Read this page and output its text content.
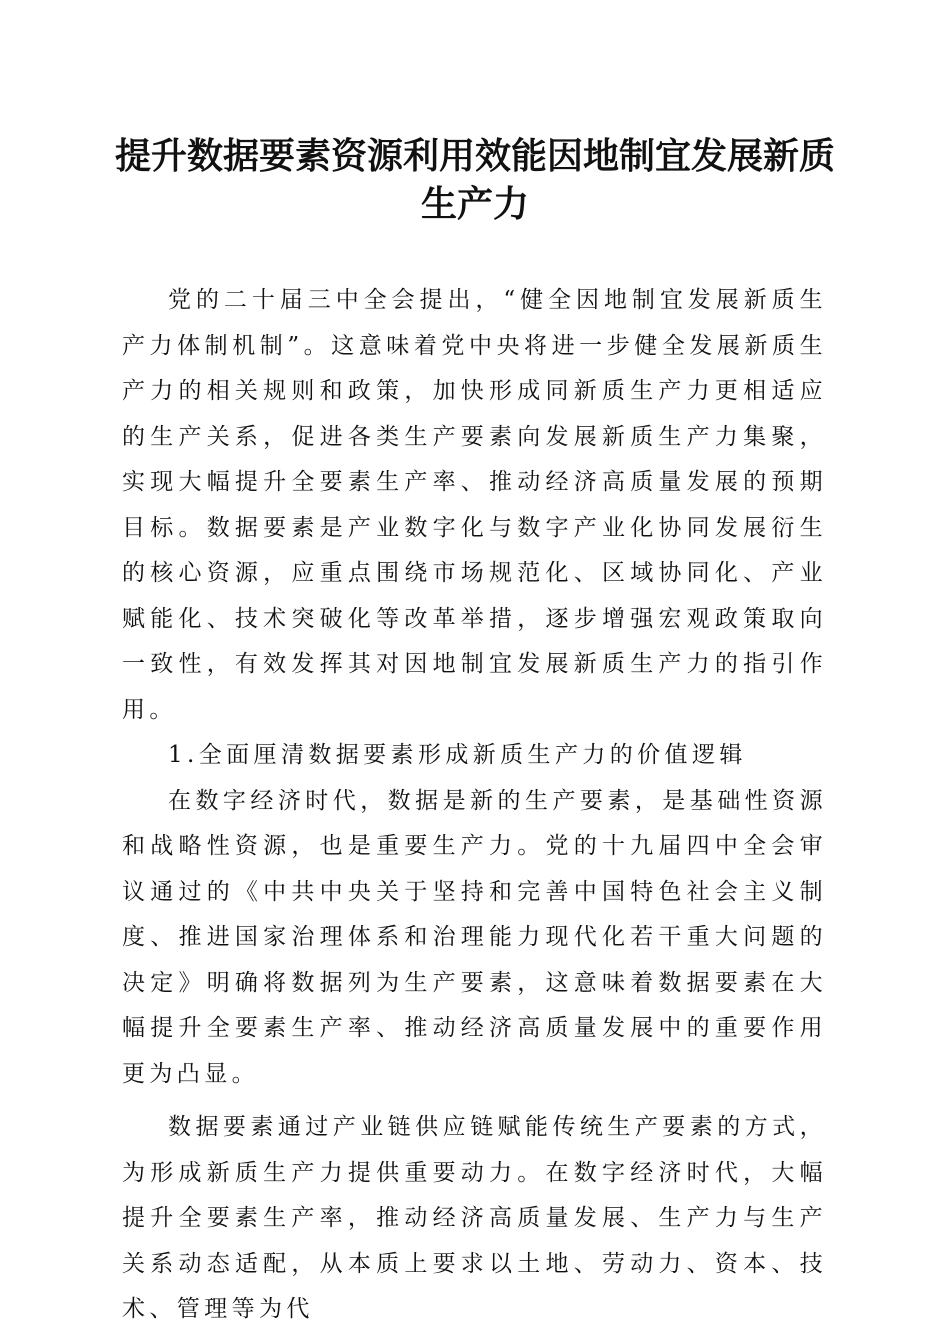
提升数据要素资源利用效能因地制宜发展新质生产力

党的二十届三中全会提出，“健全因地制宜发展新质生产力体制机制”。这意味着党中央将进一步健全发展新质生产力的相关规则和政策，加快形成同新质生产力更相适应的生产关系，促进各类生产要素向发展新质生产力集聚，实现大幅提升全要素生产率、推动经济高质量发展的预期目标。数据要素是产业数字化与数字产业化协同发展衍生的核心资源，应重点围绕市场规范化、区域协同化、产业赋能化、技术突破化等改革举措，逐步增强宏观政策取向一致性，有效发挥其对因地制宜发展新质生产力的指引作用。

1.全面厘清数据要素形成新质生产力的价值逻辑

在数字经济时代，数据是新的生产要素，是基础性资源和战略性资源，也是重要生产力。党的十九届四中全会审议通过的《中共中央关于坚持和完善中国特色社会主义制度、推进国家治理体系和治理能力现代化若干重大问题的决定》明确将数据列为生产要素，这意味着数据要素在大幅提升全要素生产率、推动经济高质量发展中的重要作用更为凸显。

数据要素通过产业链供应链赋能传统生产要素的方式，为形成新质生产力提供重要动力。在数字经济时代，大幅提升全要素生产率，推动经济高质量发展、生产力与生产关系动态适配，从本质上要求以土地、劳动力、资本、技术、管理等为代
